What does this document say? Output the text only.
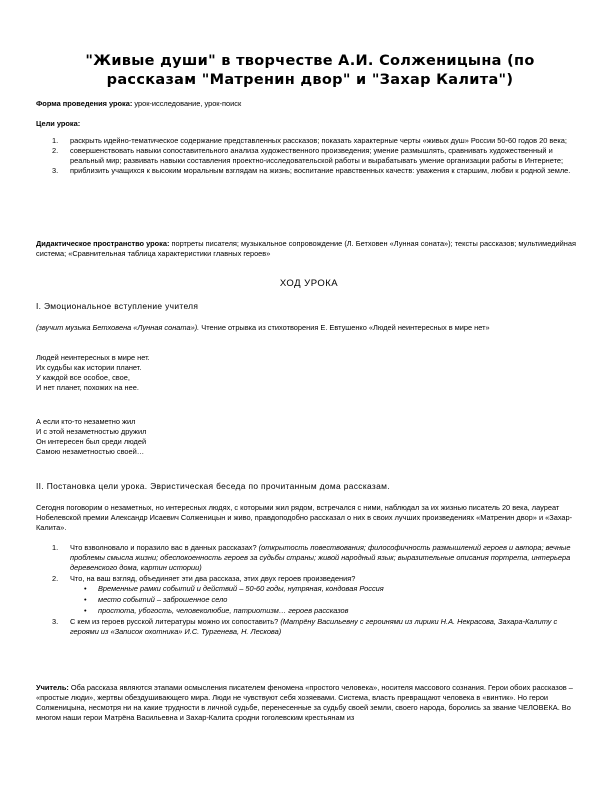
"Живые души" в творчестве А.И. Солженицына (по рассказам "Матренин двор" и "Захар Калита")

Форма проведения урока: урок-исследование, урок-поиск

Цели урока:

1. раскрыть идейно-тематическое содержание представленных рассказов; показать характерные черты «живых душ» России 50-60 годов 20 века;
2. совершенствовать навыки сопоставительного анализа художественного произведения; умение размышлять, сравнивать художественный и реальный мир; развивать навыки составления проектно-исследовательской работы и вырабатывать умение организации работы в Интернете;
3. приблизить учащихся к высоким моральным взглядам на жизнь; воспитание нравственных качеств: уважения к старшим, любви к родной земле.

Дидактическое пространство урока: портреты писателя; музыкальное сопровождение (Л. Бетховен «Лунная соната»); тексты рассказов; мультимедийная система; «Сравнительная таблица характеристики главных героев»

ХОД УРОКА
I. Эмоциональное вступление учителя

(звучит музыка Бетховена «Лунная соната»). Чтение отрывка из стихотворения Е. Евтушенко «Людей неинтересных в мире нет»

Людей неинтересных в мире нет.
Их судьбы как истории планет.
У каждой все особое, свое,
И нет планет, похожих на нее.
А если кто-то незаметно жил
И с этой незаметностью дружил
Он интересен был среди людей
Самою незаметностью своей…
II. Постановка цели урока. Эвристическая беседа по прочитанным дома рассказам.

Сегодня поговорим о незаметных, но интересных людях, с которыми жил рядом, встречался с ними, наблюдал за их жизнью писатель 20 века, лауреат Нобелевской премии Александр Исаевич Солженицын и живо, правдоподобно рассказал о них в своих лучших произведениях «Матренин двор» и «Захар-Калита».

1. Что взволновало и поразило вас в данных рассказах? (открытость повествования; философичность размышлений героев и автора; вечные проблемы смысла жизни; обеспокоенность героев за судьбы страны; живой народный язык; выразительные описания портрета, интерьера деревенского дома, картин истории)
2. Что, на ваш взгляд, объединяет эти два рассказа, этих двух героев произведения?
• Временные рамки событий и действий – 50-60 годы, нутряная, кондовая Россия
• место событий – заброшенное село
• простота, убогость, человеколюбие, патриотизм… героев рассказов
3. С кем из героев русской литературы можно их сопоставить? (Матрёну Васильевну с героинями из лирики Н.А. Некрасова, Захара-Калиту с героями из «Записок охотника» И.С. Тургенева, Н. Лескова)

Учитель: Оба рассказа являются этапами осмысления писателем феномена «простого человека», носителя массового сознания. Герои обоих рассказов – «простые люди», жертвы обездушивающего мира. Люди не чувствуют себя хозяевами. Система, власть превращают человека в «винтик». Но герои Солженицына, несмотря ни на какие трудности в личной судьбе, перенесенные за судьбу своей земли, своего народа, боролись за звание ЧЕЛОВЕКА. Во многом наши герои Матрёна Васильевна и Захар-Калита сродни гоголевским крестьянам из
